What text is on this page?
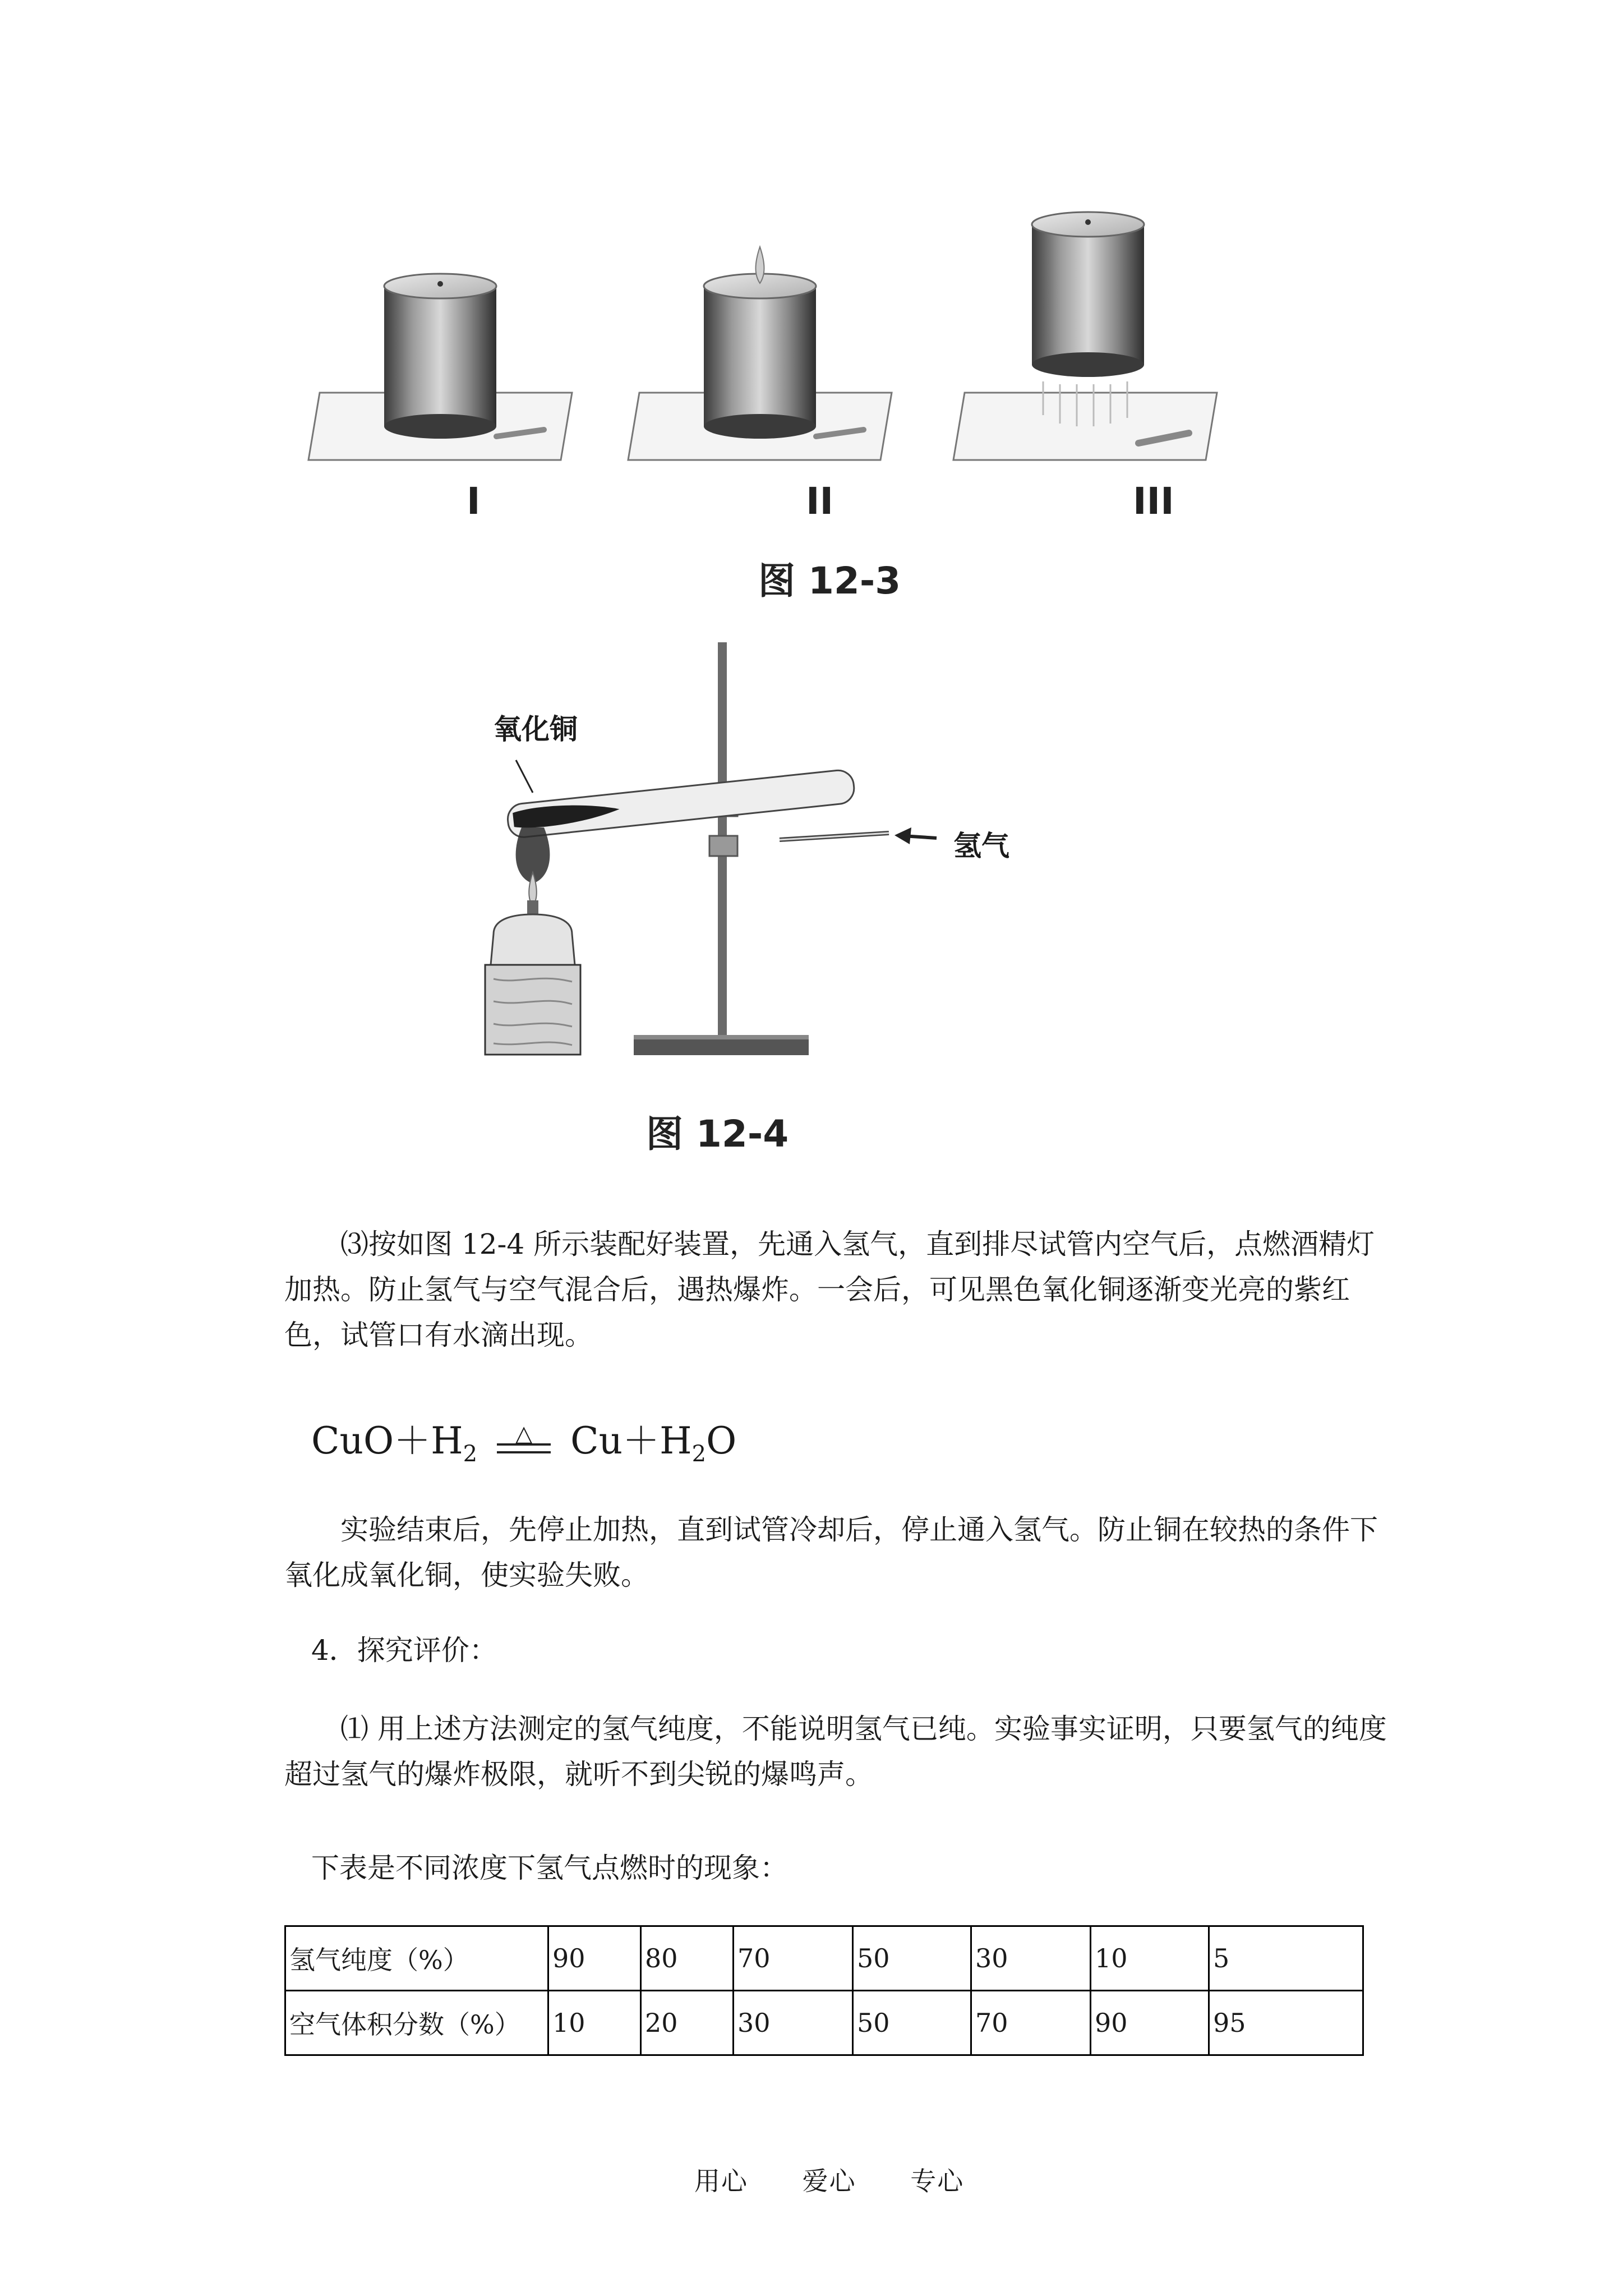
I	II	III
图 12-3
氧化铜
氢气
图 12-4

⑶按如图 12-4 所示装配好装置，先通入氢气，直到排尽试管内空气后，点燃酒精灯加热。防止氢气与空气混合后，遇热爆炸。一会后，可见黑色氧化铜逐渐变光亮的紫红色，试管口有水滴出现。

$CuO+H_2$
△	$Cu+H_2O$

实验结束后，先停止加热，直到试管冷却后，停止通入氢气。防止铜在较热的条件下氧化成氧化铜，使实验失败。

4．探究评价：

⑴ 用上述方法测定的氢气纯度，不能说明氢气已纯。实验事实证明，只要氢气的纯度超过氢气的爆炸极限，就听不到尖锐的爆鸣声。

下表是不同浓度下氢气点燃时的现象：

氢气纯度（%）	90	80	70	50	30	10	5
空气体积分数（%）	10	20	30	50	70	90	95
用心 爱心 专心
